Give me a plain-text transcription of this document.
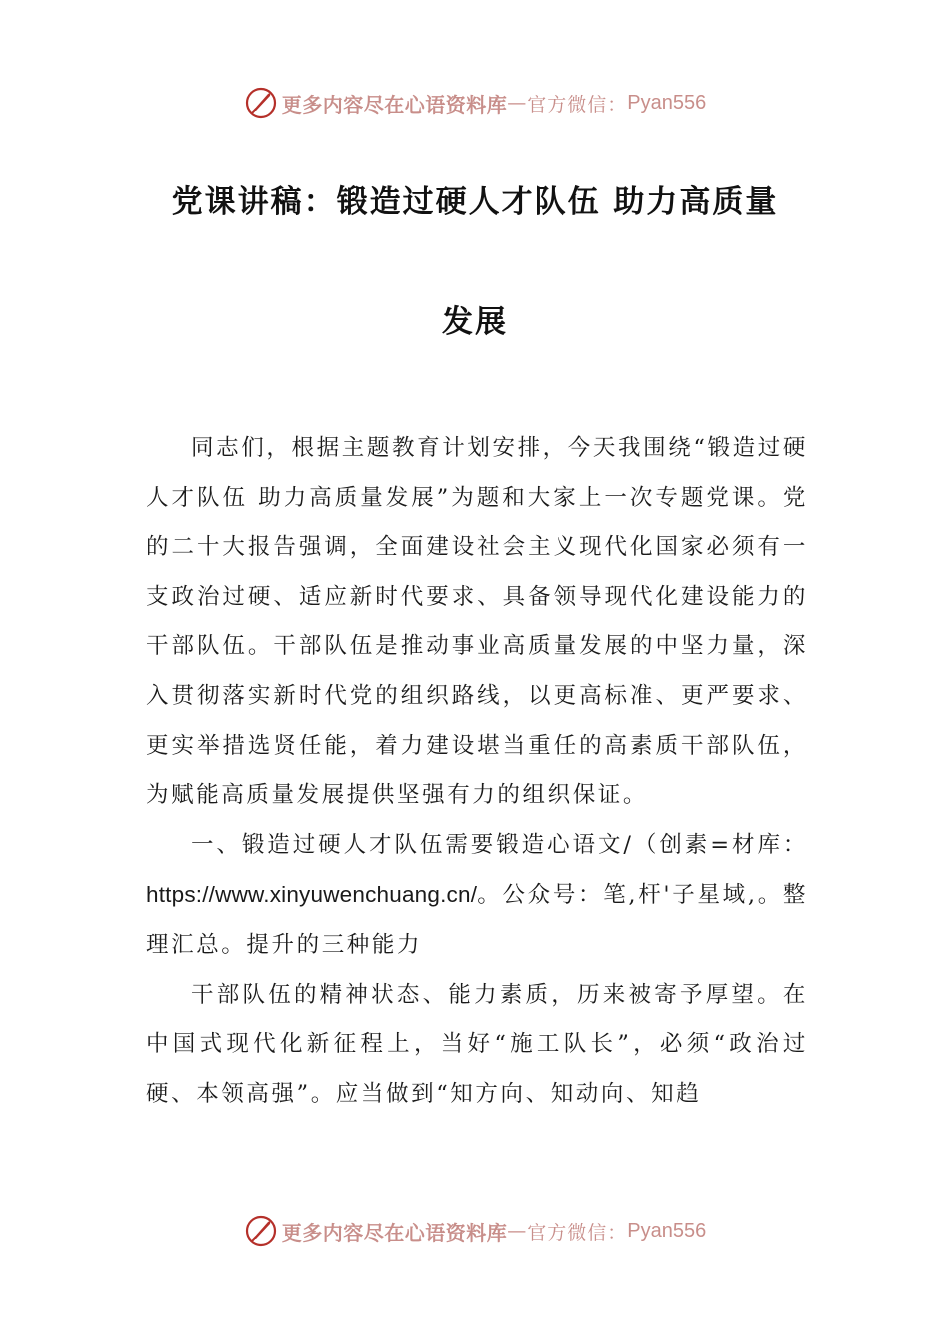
更多内容尽在心语资料库 — 官方微信： Pyan556
党课讲稿：锻造过硬人才队伍 助力高质量
发展

同志们，根据主题教育计划安排，今天我围绕“锻造过硬人才队伍 助力高质量发展”为题和大家上一次专题党课。党的二十大报告强调，全面建设社会主义现代化国家必须有一支政治过硬、适应新时代要求、具备领导现代化建设能力的干部队伍。干部队伍是推动事业高质量发展的中坚力量，深入贯彻落实新时代党的组织路线，以更高标准、更严要求、更实举措选贤任能，着力建设堪当重任的高素质干部队伍，为赋能高质量发展提供坚强有力的组织保证。

一、锻造过硬人才队伍需要锻造心语文/（创素=材库：https://www.xinyuwenchuang.cn/。公众号：笔,杆'子星域,。整理汇总。提升的三种能力

干部队伍的精神状态、能力素质，历来被寄予厚望。在中国式现代化新征程上，当好“施工队长”，必须“政治过硬、本领高强”。应当做到“知方向、知动向、知趋

更多内容尽在心语资料库 — 官方微信： Pyan556
